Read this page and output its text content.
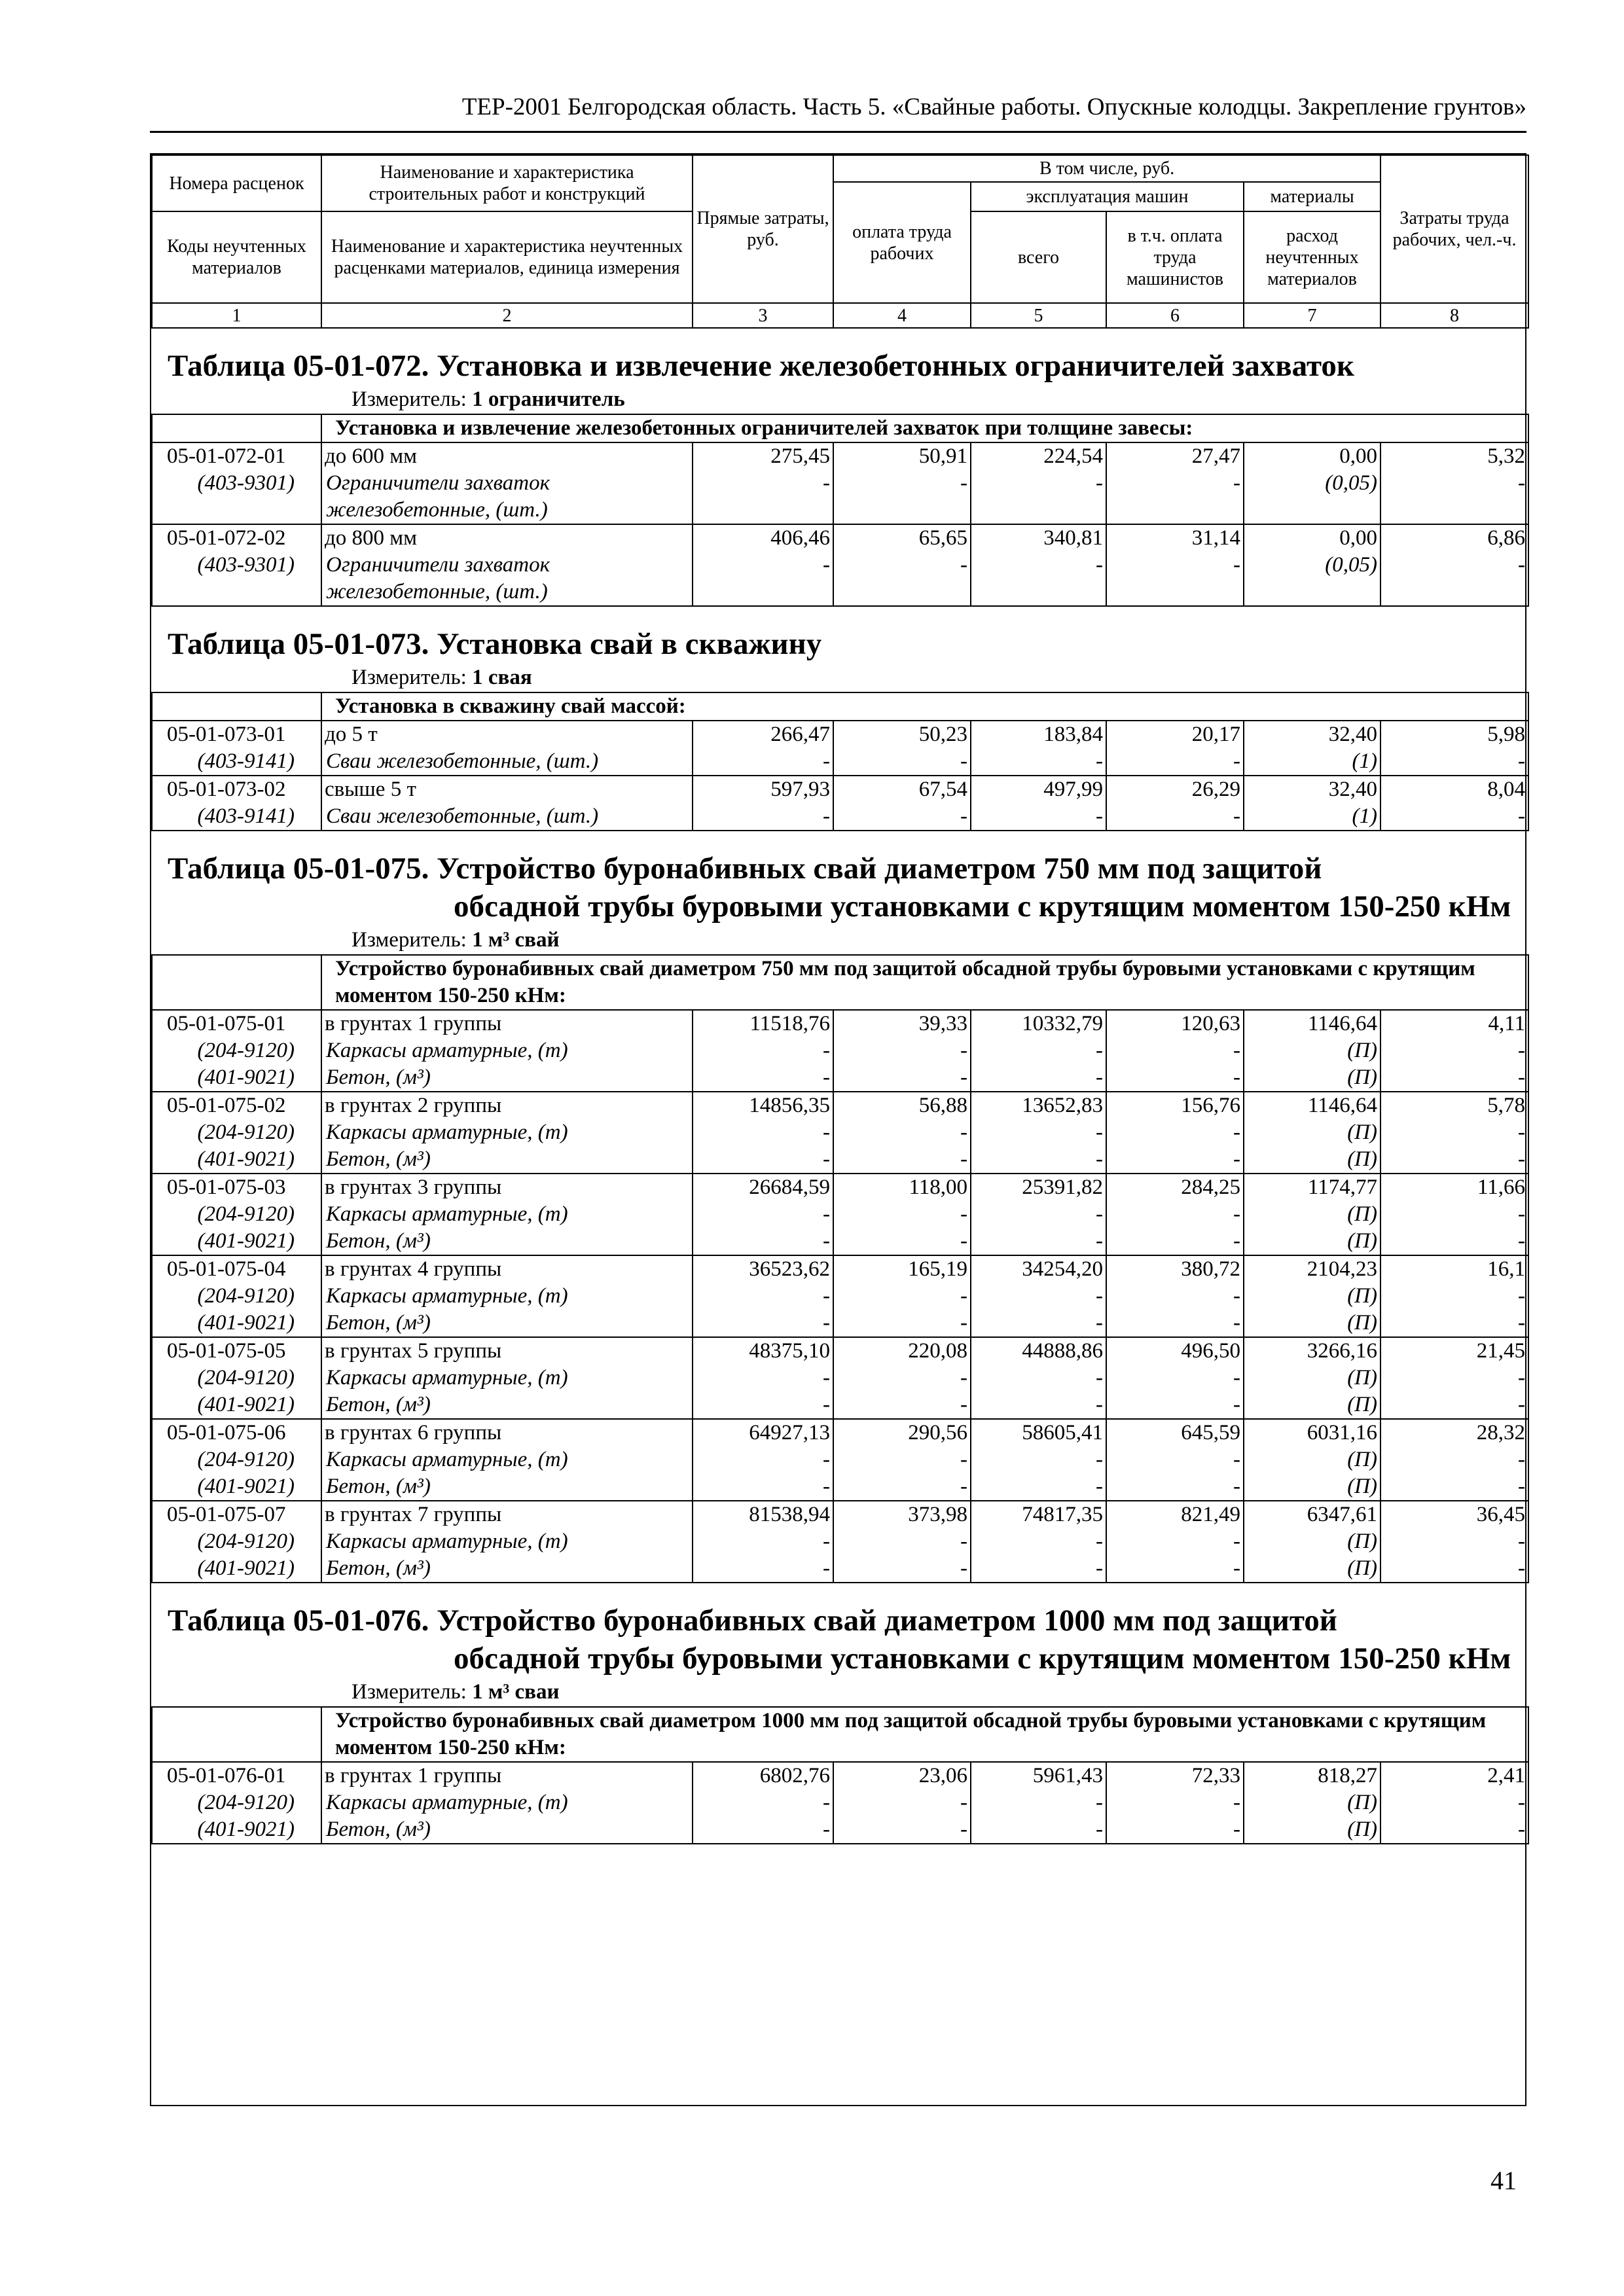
ТЕР-2001 Белгородская область. Часть 5. «Свайные работы. Опускные колодцы. Закрепление грунтов»
Номера расценок	Наименование и характеристика строительных работ и конструкций	Прямые затраты, руб.	В том числе, руб.				Затраты труда рабочих, чел.-ч.
			оплата труда рабочих	эксплуатация машин		материалы	
Коды неучтенных материалов	Наименование и характеристика неучтенных расценками материалов, единица измерения			всего	в т.ч. оплата труда машинистов	расход неучтенных материалов	

1	2	3	4	5	6	7	8
Таблица 05-01-072. Установка и извлечение железобетонных ограничителей захваток
Измеритель: 1 ограничитель							

	Установка и извлечение железобетонных ограничителей захваток при толщине завесы:						
05-01-072-01	до 600 мм	275,45	50,91	224,54	27,47	0,00	5,32
(403-9301)	Ограничители захваток	-	-	-	-	(0,05)	-
	железобетонные, (шт.)						
05-01-072-02	до 800 мм	406,46	65,65	340,81	31,14	0,00	6,86
(403-9301)	Ограничители захваток	-	-	-	-	(0,05)	-
	железобетонные, (шт.)						

Таблица 05-01-073. Установка свай в скважину
Измеритель: 1 свая							

	Установка в скважину свай массой:						
05-01-073-01	до 5 т	266,47	50,23	183,84	20,17	32,40	5,98
(403-9141)	Сваи железобетонные, (шт.)	-	-	-	-	(1)	-
05-01-073-02	свыше 5 т	597,93	67,54	497,99	26,29	32,40	8,04
(403-9141)	Сваи железобетонные, (шт.)	-	-	-	-	(1)	-

Таблица 05-01-075. Устройство буронабивных свай диаметром 750 мм под защитой
обсадной трубы буровыми установками с крутящим моментом 150-250 кНм
Измеритель: 1 м³ свай							

	Устройство буронабивных свай диаметром 750 мм под защитой обсадной трубы буровыми установками с крутящим моментом 150-250 кНм:						
05-01-075-01	в грунтах 1 группы	11518,76	39,33	10332,79	120,63	1146,64	4,11
(204-9120)	Каркасы арматурные, (т)	-	-	-	-	(П)	-
(401-9021)	Бетон, (м³)	-	-	-	-	(П)	-
05-01-075-02	в грунтах 2 группы	14856,35	56,88	13652,83	156,76	1146,64	5,78
(204-9120)	Каркасы арматурные, (т)	-	-	-	-	(П)	-
(401-9021)	Бетон, (м³)	-	-	-	-	(П)	-
05-01-075-03	в грунтах 3 группы	26684,59	118,00	25391,82	284,25	1174,77	11,66
(204-9120)	Каркасы арматурные, (т)	-	-	-	-	(П)	-
(401-9021)	Бетон, (м³)	-	-	-	-	(П)	-
05-01-075-04	в грунтах 4 группы	36523,62	165,19	34254,20	380,72	2104,23	16,1
(204-9120)	Каркасы арматурные, (т)	-	-	-	-	(П)	-
(401-9021)	Бетон, (м³)	-	-	-	-	(П)	-
05-01-075-05	в грунтах 5 группы	48375,10	220,08	44888,86	496,50	3266,16	21,45
(204-9120)	Каркасы арматурные, (т)	-	-	-	-	(П)	-
(401-9021)	Бетон, (м³)	-	-	-	-	(П)	-
05-01-075-06	в грунтах 6 группы	64927,13	290,56	58605,41	645,59	6031,16	28,32
(204-9120)	Каркасы арматурные, (т)	-	-	-	-	(П)	-
(401-9021)	Бетон, (м³)	-	-	-	-	(П)	-
05-01-075-07	в грунтах 7 группы	81538,94	373,98	74817,35	821,49	6347,61	36,45
(204-9120)	Каркасы арматурные, (т)	-	-	-	-	(П)	-
(401-9021)	Бетон, (м³)	-	-	-	-	(П)	-

Таблица 05-01-076. Устройство буронабивных свай диаметром 1000 мм под защитой
обсадной трубы буровыми установками с крутящим моментом 150-250 кНм
Измеритель: 1 м³ сваи							

	Устройство буронабивных свай диаметром 1000 мм под защитой обсадной трубы буровыми установками с крутящим моментом 150-250 кНм:						
05-01-076-01	в грунтах 1 группы	6802,76	23,06	5961,43	72,33	818,27	2,41
(204-9120)	Каркасы арматурные, (т)	-	-	-	-	(П)	-
(401-9021)	Бетон, (м³)	-	-	-	-	(П)	-

41
